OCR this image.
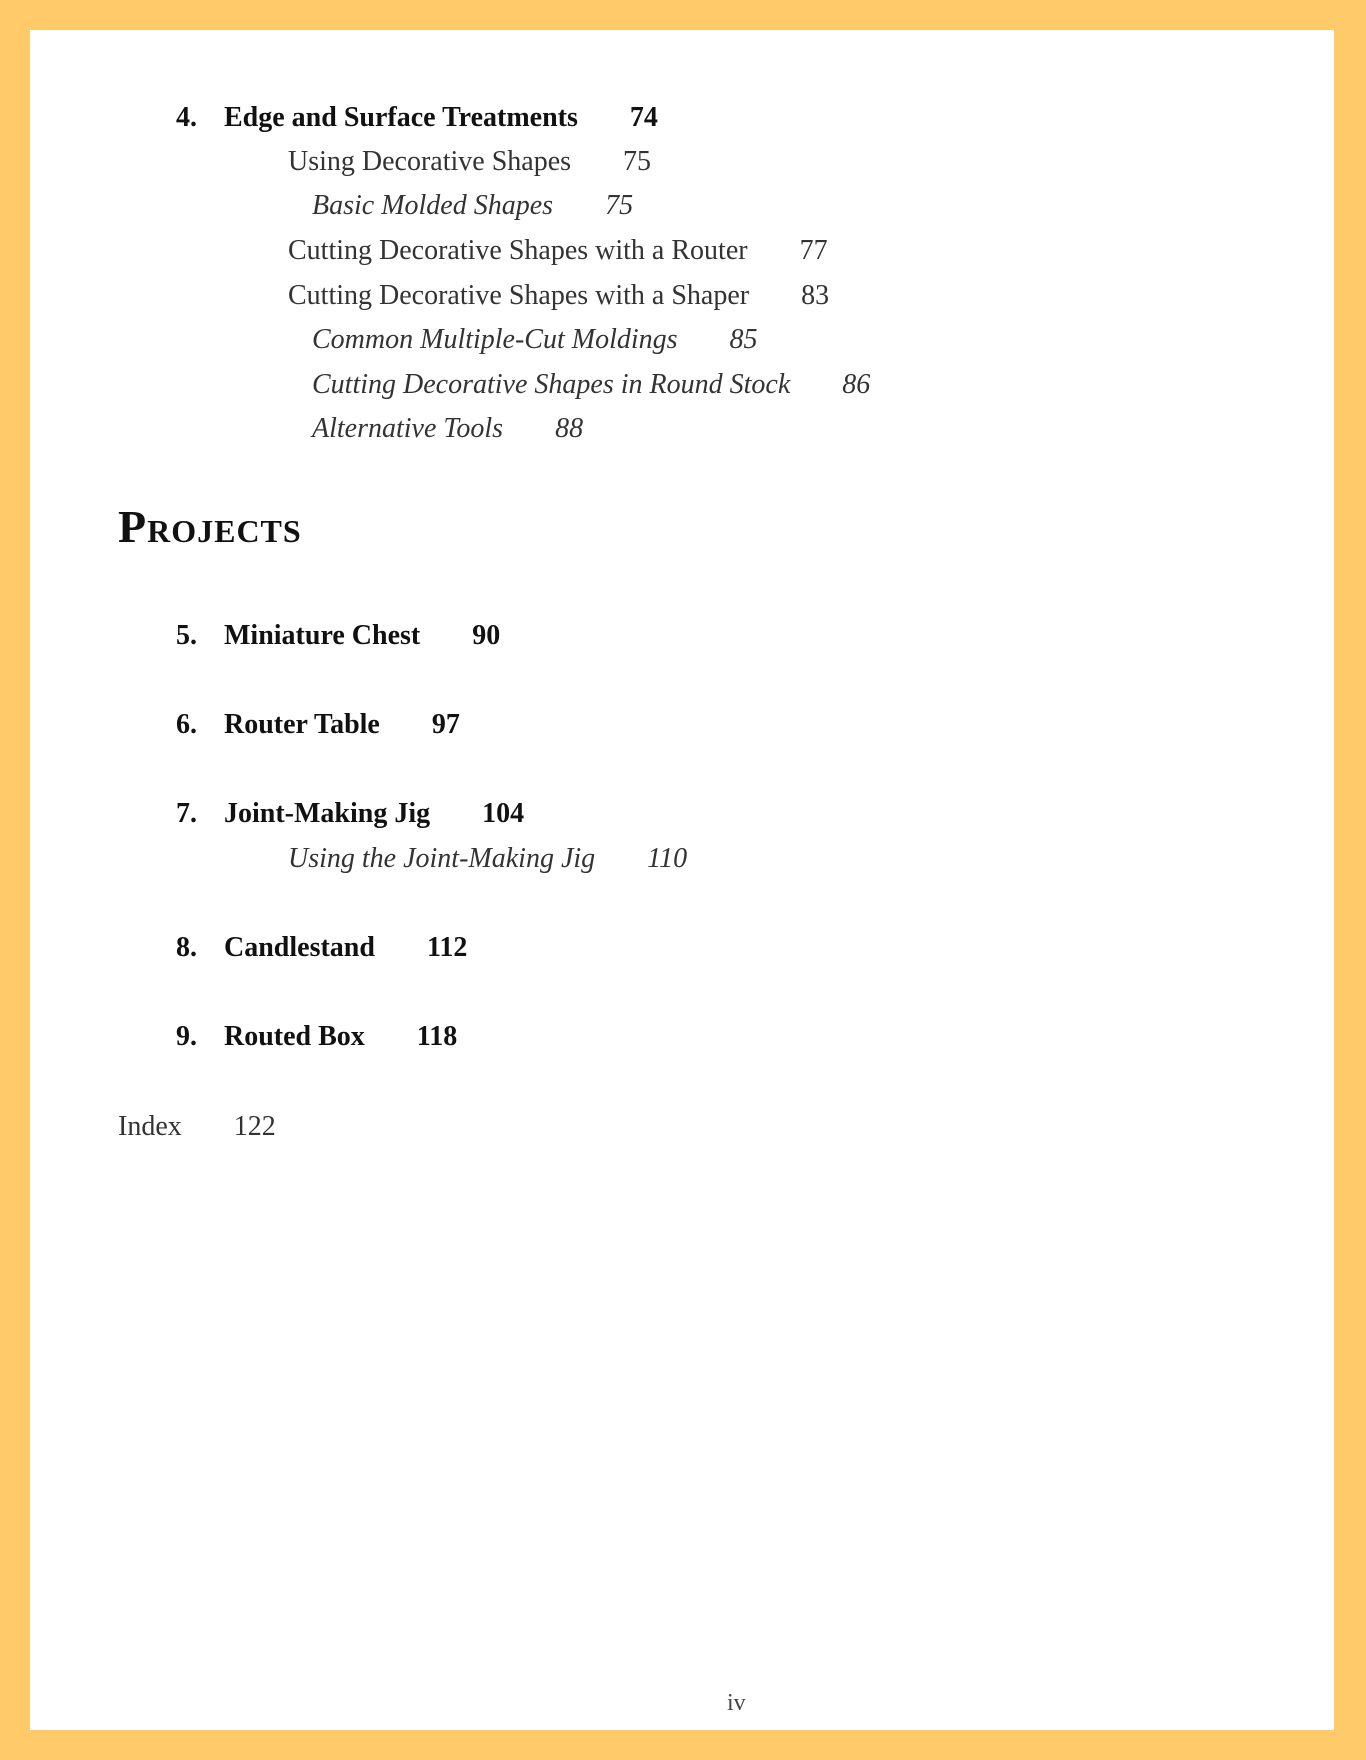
4. Edge and Surface Treatments 74
Using Decorative Shapes 75
Basic Molded Shapes 75
Cutting Decorative Shapes with a Router 77
Cutting Decorative Shapes with a Shaper 83
Common Multiple-Cut Moldings 85
Cutting Decorative Shapes in Round Stock 86
Alternative Tools 88
Projects
5. Miniature Chest 90
6. Router Table 97
7. Joint-Making Jig 104
Using the Joint-Making Jig 110
8. Candlestand 112
9. Routed Box 118
Index 122
iv
